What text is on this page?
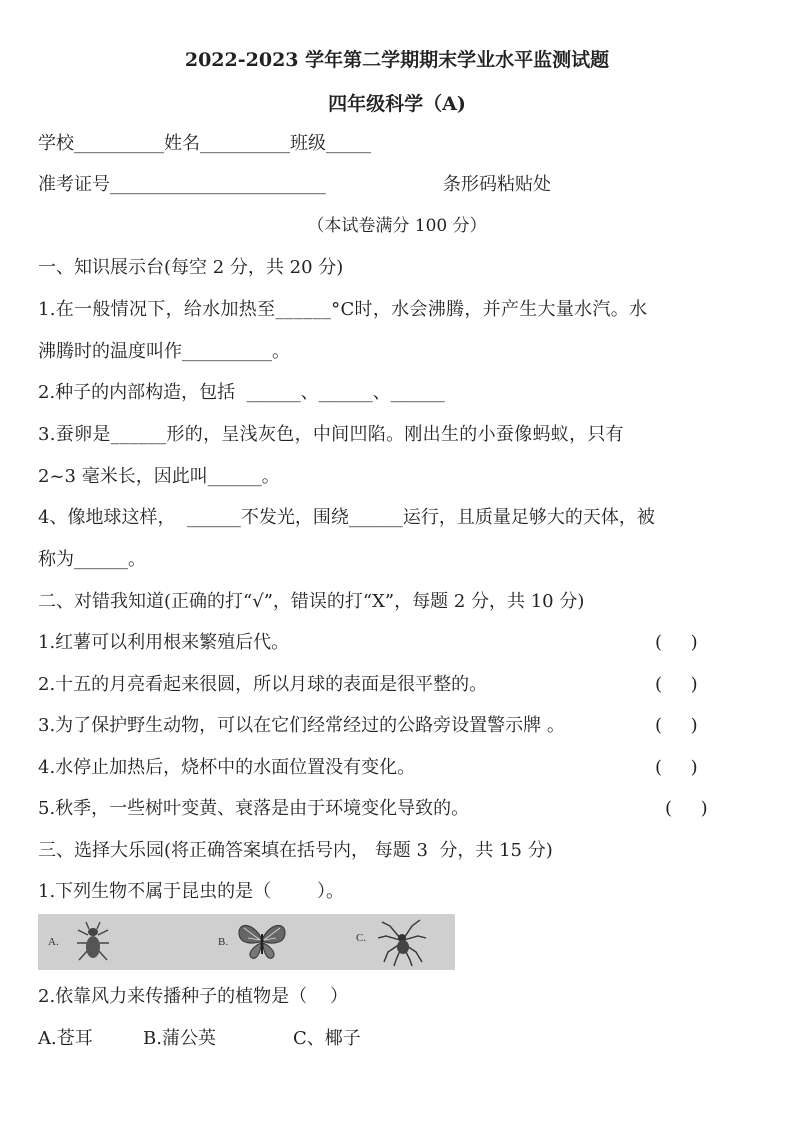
2022-2023 学年第二学期期末学业水平监测试题
四年级科学（A)
学校__________姓名__________班级_____
准考证号________________________	条形码粘贴处
（本试卷满分 100 分）
一、知识展示台(每空 2 分，共 20 分)
1.在一般情况下，给水加热至______°C时，水会沸腾，并产生大量水汽。水
沸腾时的温度叫作__________。
2.种子的内部构造，包括  ______、______、______
3.蚕卵是______形的，呈浅灰色，中间凹陷。刚出生的小蚕像蚂蚁，只有
2~3 毫米长，因此叫______。
4、像地球这样，  ______不发光，围绕______运行，且质量足够大的天体，被
称为______。
二、对错我知道(正确的打“√”，错误的打“X”，每题 2 分，共 10 分)
1.红薯可以利用根来繁殖后代。	(     )
2.十五的月亮看起来很圆，所以月球的表面是很平整的。	(     )
3.为了保护野生动物，可以在它们经常经过的公路旁设置警示牌 。	(     )
4.水停止加热后，烧杯中的水面位置没有变化。	(     )
5.秋季，一些树叶变黄、衰落是由于环境变化导致的。	(     )
三、选择大乐园(将正确答案填在括号内， 每题 3  分，共 15 分)
1.下列生物不属于昆虫的是（        ）。
A.	B.	C.
2.依靠风力来传播种子的植物是（    ）
A.苍耳	B.蒲公英	C、椰子
